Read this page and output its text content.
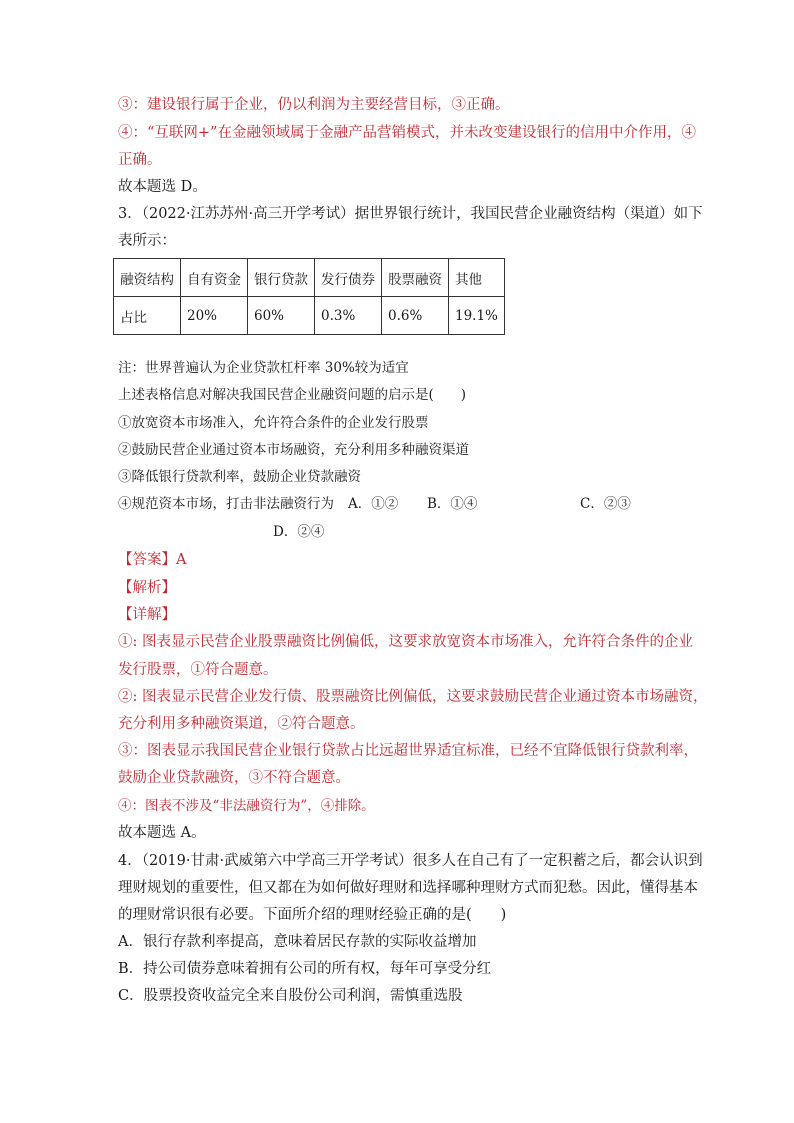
③：建设银行属于企业，仍以利润为主要经营目标，③正确。
④：“互联网+”在金融领域属于金融产品营销模式，并未改变建设银行的信用中介作用，④
正确。
故本题选 D。
3．（2022·江苏苏州·高三开学考试）据世界银行统计，我国民营企业融资结构（渠道）如下
表所示：
融资结构	自有资金	银行贷款	发行债券	股票融资	其他
占比	20%	60%	0.3%	0.6%	19.1%
注：世界普遍认为企业贷款杠杆率 30%较为适宜
上述表格信息对解决我国民营企业融资问题的启示是(　　)
①放宽资本市场准入，允许符合条件的企业发行股票
②鼓励民营企业通过资本市场融资，充分利用多种融资渠道
③降低银行贷款利率，鼓励企业贷款融资
④规范资本市场，打击非法融资行为 A．①② B．①④	C．②③
D．②④
【答案】A
【解析】
【详解】
①: 图表显示民营企业股票融资比例偏低，这要求放宽资本市场准入，允许符合条件的企业
发行股票，①符合题意。
②: 图表显示民营企业发行债、股票融资比例偏低，这要求鼓励民营企业通过资本市场融资，
充分利用多种融资渠道，②符合题意。
③：图表显示我国民营企业银行贷款占比远超世界适宜标准，已经不宜降低银行贷款利率，
鼓励企业贷款融资，③不符合题意。
④：图表不涉及“非法融资行为”，④排除。
故本题选 A。
4．（2019·甘肃·武威第六中学高三开学考试）很多人在自己有了一定积蓄之后，都会认识到
理财规划的重要性，但又都在为如何做好理财和选择哪种理财方式而犯愁。因此，懂得基本
的理财常识很有必要。下面所介绍的理财经验正确的是(　　)
A．银行存款利率提高，意味着居民存款的实际收益增加
B．持公司债券意味着拥有公司的所有权，每年可享受分红
C．股票投资收益完全来自股份公司利润，需慎重选股
